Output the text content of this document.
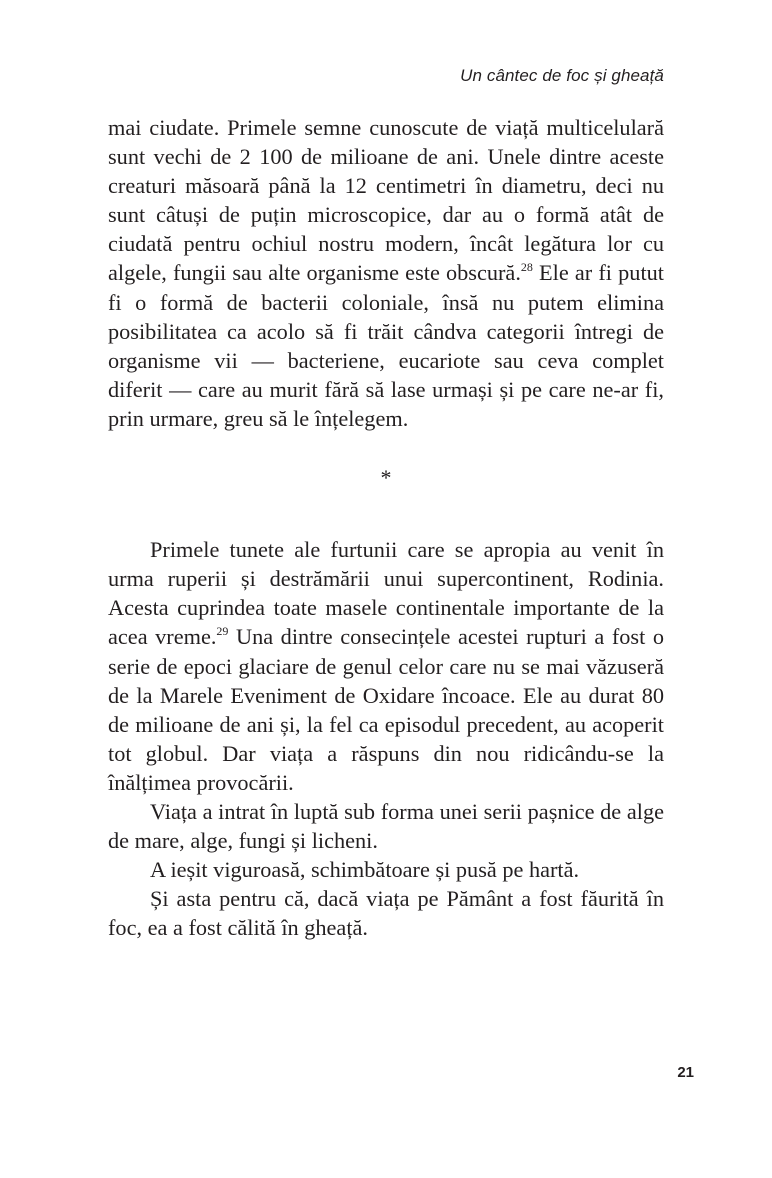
Un cântec de foc și gheață

mai ciudate. Primele semne cunoscute de viață multicelulară sunt vechi de 2 100 de milioane de ani. Unele dintre aceste creaturi măsoară până la 12 centimetri în diametru, deci nu sunt câtuși de puțin microscopice, dar au o formă atât de ciudată pentru ochiul nostru modern, încât legătura lor cu algele, fungii sau alte organisme este obscură.$^{28}$ Ele ar fi putut fi o formă de bacterii coloniale, însă nu putem elimina posibilitatea ca acolo să fi trăit cândva categorii întregi de organisme vii — bacteriene, eucariote sau ceva complet diferit — care au murit fără să lase urmași și pe care ne-ar fi, prin urmare, greu să le înțelegem.

*

Primele tunete ale furtunii care se apropia au venit în urma ruperii și destrămării unui supercontinent, Rodinia. Acesta cuprindea toate masele continentale importante de la acea vreme.$^{29}$ Una dintre consecințele acestei rupturi a fost o serie de epoci glaciare de genul celor care nu se mai văzuseră de la Marele Eveniment de Oxidare încoace. Ele au durat 80 de milioane de ani și, la fel ca episodul precedent, au acoperit tot globul. Dar viața a răspuns din nou ridicându-se la înălțimea provocării.

Viața a intrat în luptă sub forma unei serii pașnice de alge de mare, alge, fungi și licheni.

A ieșit viguroasă, schimbătoare și pusă pe hartă.

Și asta pentru că, dacă viața pe Pământ a fost făurită în foc, ea a fost călită în gheață.

21
